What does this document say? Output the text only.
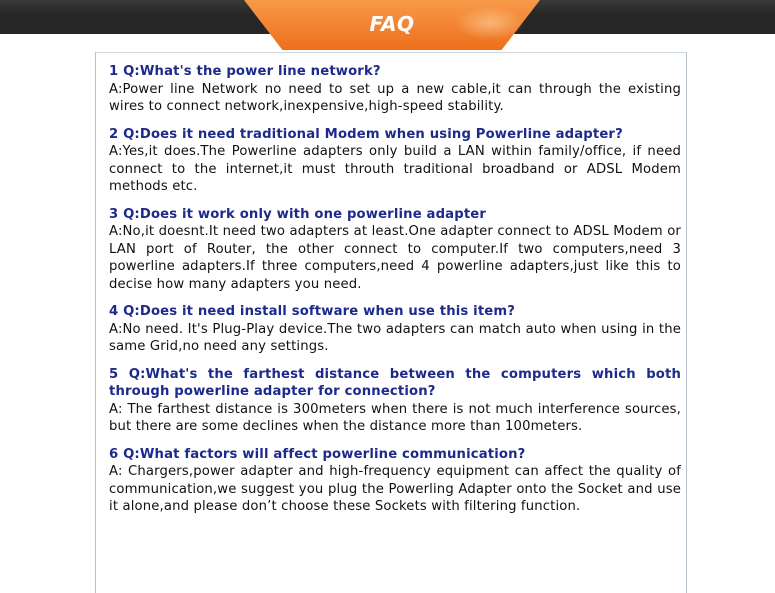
FAQ
1 Q:What's the power line network?
A:Power line Network no need to set up a new cable,it can through the existing wires to connect network,inexpensive,high-speed stability.
2 Q:Does it need traditional Modem when using Powerline adapter?
A:Yes,it does.The Powerline adapters only build a LAN within family/office, if need connect to the internet,it must throuth traditional broadband or ADSL Modem methods etc.
3 Q:Does it work only with one powerline adapter
A:No,it doesnt.It need two adapters at least.One adapter connect to ADSL Modem or LAN port of Router, the other connect to computer.If two computers,need 3 powerline adapters.If three computers,need 4 powerline adapters,just like this to decise how many adapters you need.
4 Q:Does it need install software when use this item?
A:No need. It's Plug-Play device.The two adapters can match auto when using in the same Grid,no need any settings.
5 Q:What's the farthest distance between the computers which both through powerline adapter for connection?
A: The farthest distance is 300meters when there is not much interference sources, but there are some declines when the distance more than 100meters.
6 Q:What factors will affect powerline communication?
A: Chargers,power adapter and high-frequency equipment can affect the quality of communication,we suggest you plug the Powerling Adapter onto the Socket and use it alone,and please don’t choose these Sockets with filtering function.
